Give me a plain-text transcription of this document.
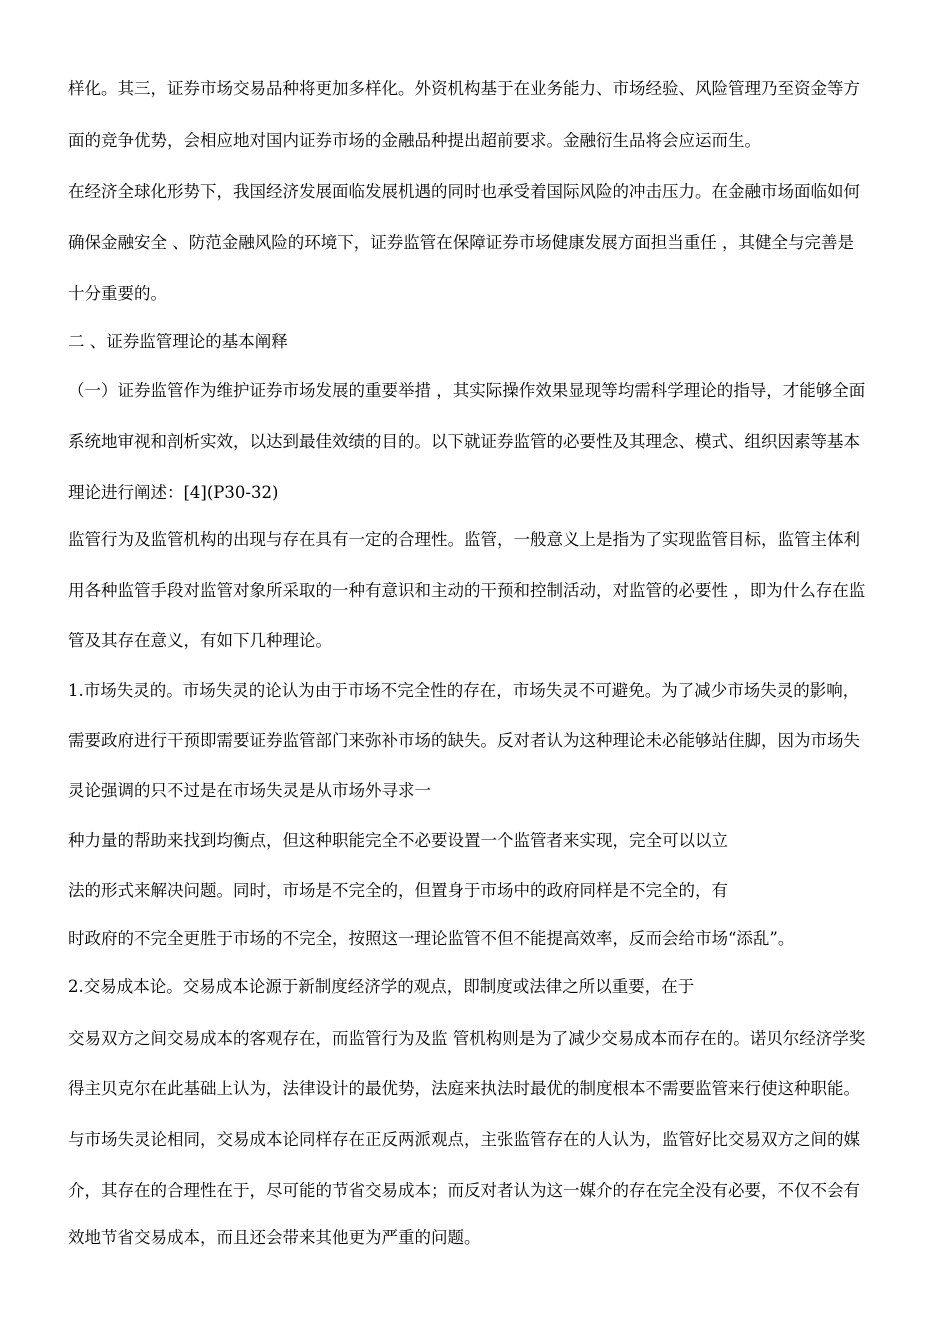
样化。其三，证券市场交易品种将更加多样化。外资机构基于在业务能力、市场经验、风险管理乃至资金等方
面的竞争优势，会相应地对国内证券市场的金融品种提出超前要求。金融衍生品将会应运而生。
在经济全球化形势下，我国经济发展面临发展机遇的同时也承受着国际风险的冲击压力。在金融市场面临如何
确保金融安全 、防范金融风险的环境下，证券监管在保障证券市场健康发展方面担当重任 ，其健全与完善是
十分重要的。
二 、证券监管理论的基本阐释
（一）证券监管作为维护证券市场发展的重要举措 ，其实际操作效果显现等均需科学理论的指导，才能够全面
系统地审视和剖析实效，以达到最佳效绩的目的。以下就证券监管的必要性及其理念、模式、组织因素等基本
理论进行阐述：[4](P30-32)
监管行为及监管机构的出现与存在具有一定的合理性。监管，一般意义上是指为了实现监管目标，监管主体利
用各种监管手段对监管对象所采取的一种有意识和主动的干预和控制活动，对监管的必要性 ，即为什么存在监
管及其存在意义，有如下几种理论。
1.市场失灵的。市场失灵的论认为由于市场不完全性的存在，市场失灵不可避免。为了减少市场失灵的影响，
需要政府进行干预即需要证券监管部门来弥补市场的缺失。反对者认为这种理论未必能够站住脚，因为市场失
灵论强调的只不过是在市场失灵是从市场外寻求一
种力量的帮助来找到均衡点，但这种职能完全不必要设置一个监管者来实现，完全可以以立
法的形式来解决问题。同时，市场是不完全的，但置身于市场中的政府同样是不完全的，有
时政府的不完全更胜于市场的不完全，按照这一理论监管不但不能提高效率，反而会给市场“添乱”。
2.交易成本论。交易成本论源于新制度经济学的观点，即制度或法律之所以重要，在于
交易双方之间交易成本的客观存在，而监管行为及监 管机构则是为了减少交易成本而存在的。诺贝尔经济学奖
得主贝克尔在此基础上认为，法律设计的最优势，法庭来执法时最优的制度根本不需要监管来行使这种职能。
与市场失灵论相同，交易成本论同样存在正反两派观点，主张监管存在的人认为，监管好比交易双方之间的媒
介，其存在的合理性在于，尽可能的节省交易成本；而反对者认为这一媒介的存在完全没有必要，不仅不会有
效地节省交易成本，而且还会带来其他更为严重的问题。
